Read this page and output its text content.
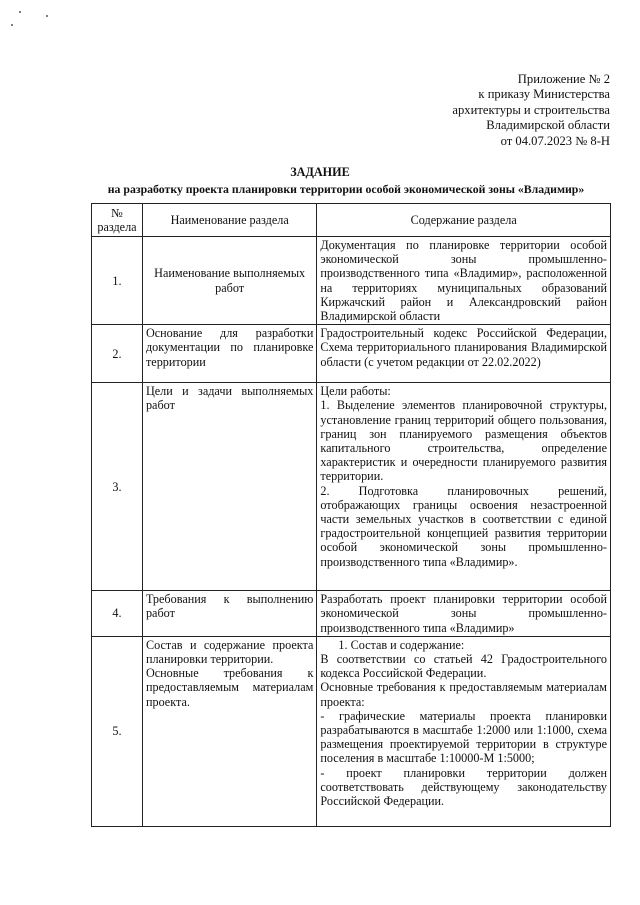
Приложение № 2
к приказу Министерства
архитектуры и строительства
Владимирской области
от 04.07.2023 № 8-Н
ЗАДАНИЕ
на разработку проекта планировки территории особой экономической зоны «Владимир»
№ раздела	Наименование раздела	Содержание раздела
1.	Наименование выполняемых работ	Документация по планировке территории особой экономической зоны промышленно-производственного типа «Владимир», расположенной на территориях муниципальных образований Киржачский район и Александровский район Владимирской области

2.	Основание для разработки документации по планировке территории	Градостроительный кодекс Российской Федерации, Схема территориального планирования Владимирской области (с учетом редакции от 22.02.2022)

3.	Цели и задачи выполняемых работ	Цели работы:
1. Выделение элементов планировочной структуры, установление границ территорий общего пользования, границ зон планируемого размещения объектов капитального строительства, определение характеристик и очередности планируемого развития территории.
2. Подготовка планировочных решений, отображающих границы освоения незастроенной части земельных участков в соответствии с единой градостроительной концепцией развития территории особой экономической зоны промышленно-производственного типа «Владимир».

4.	Требования к выполнению работ	Разработать проект планировки территории особой экономической зоны промышленно-производственного типа «Владимир»

5.	Состав и содержание проекта планировки территории.
Основные требования к предоставляемым материалам проекта.	1. Состав и содержание:
В соответствии со статьей 42 Градостроительного кодекса Российской Федерации.
Основные требования к предоставляемым материалам проекта:
- графические материалы проекта планировки разрабатываются в масштабе 1:2000 или 1:1000, схема размещения проектируемой территории в структуре поселения в масштабе 1:10000-М 1:5000;
- проект планировки территории должен соответствовать действующему законодательству Российской Федерации.
